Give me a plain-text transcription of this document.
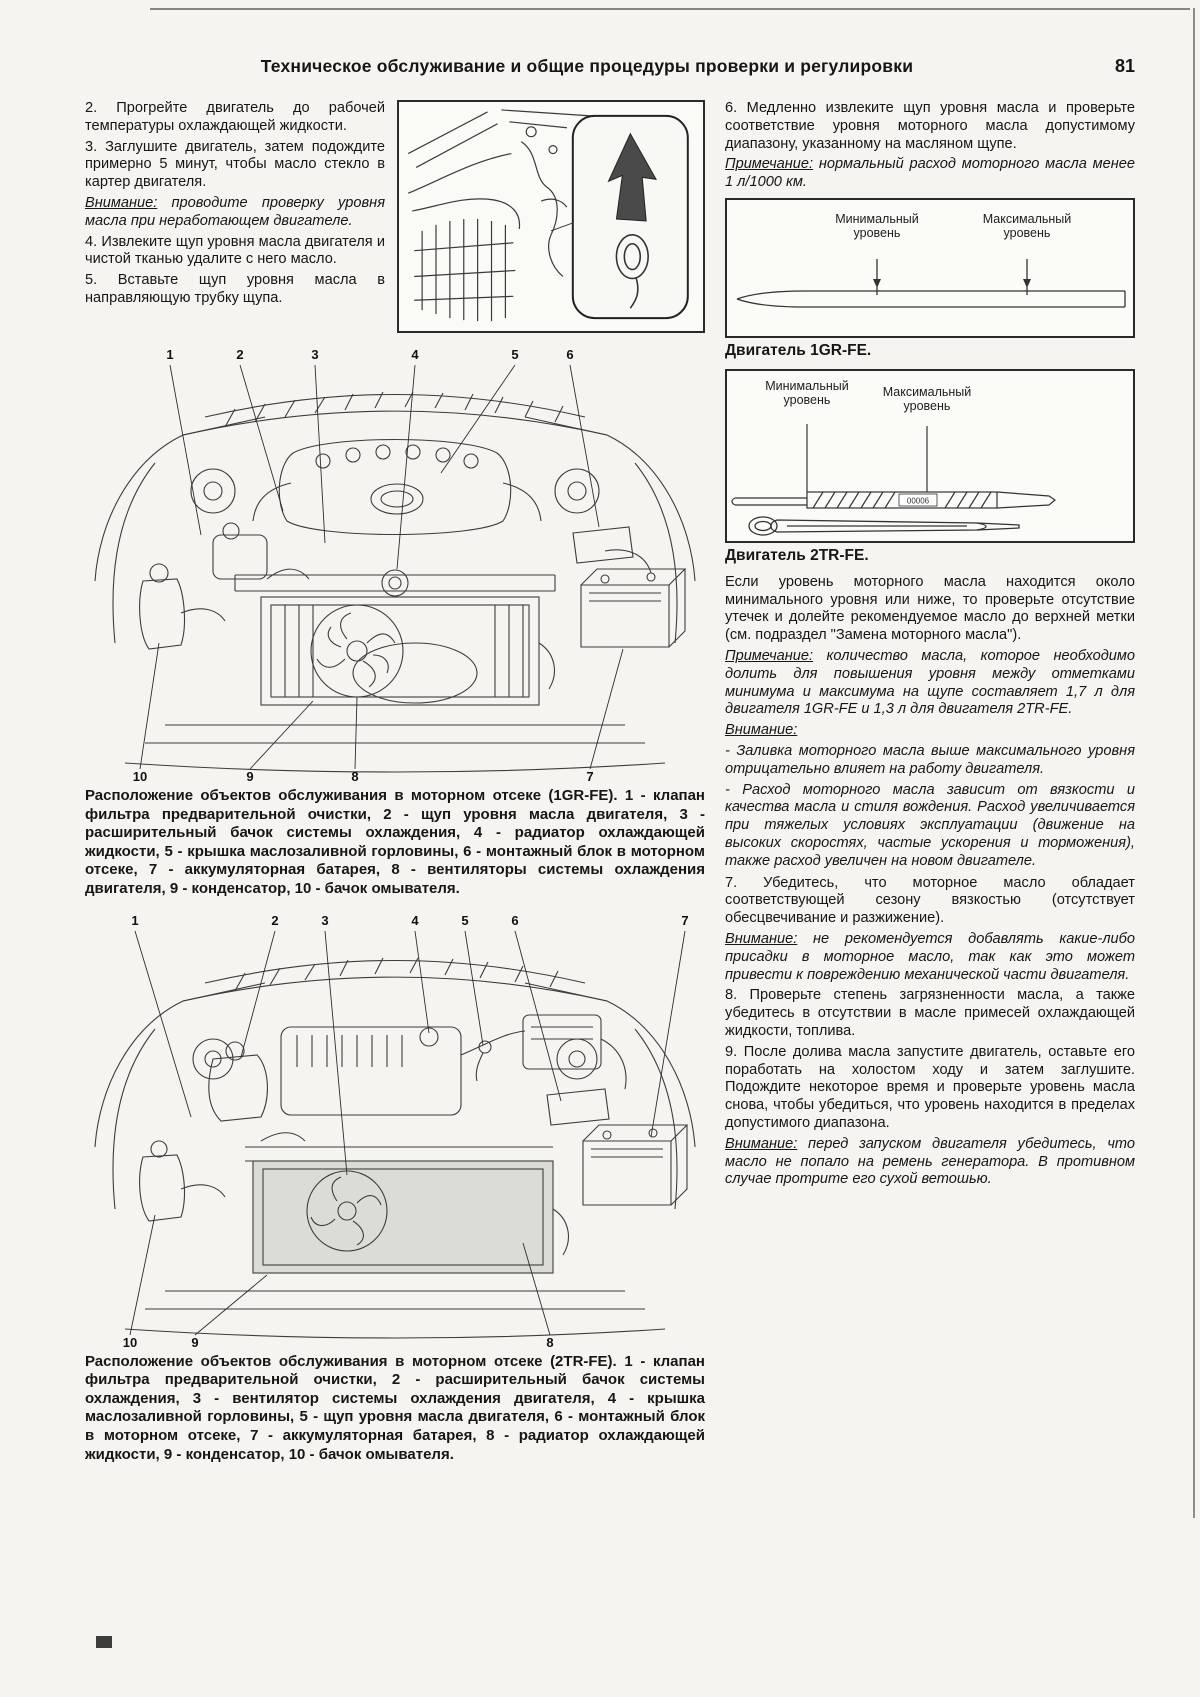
Техническое обслуживание и общие процедуры проверки и регулировки	81

2. Прогрейте двигатель до рабочей температуры охлаждающей жидкости.

3. Заглушите двигатель, затем подождите примерно 5 минут, чтобы масло стекло в картер двигателя.

Внимание: проводите проверку уровня масла при неработающем двигателе.

4. Извлеките щуп уровня масла двигателя и чистой тканью удалите с него масло.

5. Вставьте щуп уровня масла в направляющую трубку щупа.

1	2	3	4	5	6
10	9	8	7

Расположение объектов обслуживания в моторном отсеке (1GR-FE). 1 - клапан фильтра предварительной очистки, 2 - щуп уровня масла двигателя, 3 - расширительный бачок системы охлаждения, 4 - радиатор охлаждающей жидкости, 5 - крышка маслозаливной горловины, 6 - монтажный блок в моторном отсеке, 7 - аккумуляторная батарея, 8 - вентиляторы системы охлаждения двигателя, 9 - конденсатор, 10 - бачок омывателя.

1	2	3	4	5	6	7
10	9	8

Расположение объектов обслуживания в моторном отсеке (2TR-FE). 1 - клапан фильтра предварительной очистки, 2 - расширительный бачок системы охлаждения, 3 - вентилятор системы охлаждения двигателя, 4 - крышка маслозаливной горловины, 5 - щуп уровня масла двигателя, 6 - монтажный блок в моторном отсеке, 7 - аккумуляторная батарея, 8 - радиатор охлаждающей жидкости, 9 - конденсатор, 10 - бачок омывателя.

6. Медленно извлеките щуп уровня масла и проверьте соответствие уровня моторного масла допустимому диапазону, указанному на масляном щупе.

Примечание: нормальный расход моторного масла менее 1 л/1000 км.

Минимальный уровень
Максимальный уровень

Двигатель 1GR-FE.

Минимальный уровень
Максимальный уровень
00006

Двигатель 2TR-FE.

Если уровень моторного масла находится около минимального уровня или ниже, то проверьте отсутствие утечек и долейте рекомендуемое масло до верхней метки (см. подраздел "Замена моторного масла").

Примечание: количество масла, которое необходимо долить для повышения уровня между отметками минимума и максимума на щупе составляет 1,7 л для двигателя 1GR-FE и 1,3 л для двигателя 2TR-FE.

Внимание:

- Заливка моторного масла выше максимального уровня отрицательно влияет на работу двигателя.

- Расход моторного масла зависит от вязкости и качества масла и стиля вождения. Расход увеличивается при тяжелых условиях эксплуатации (движение на высоких скоростях, частые ускорения и торможения), также расход увеличен на новом двигателе.

7. Убедитесь, что моторное масло обладает соответствующей сезону вязкостью (отсутствует обесцвечивание и разжижение).

Внимание: не рекомендуется добавлять какие-либо присадки в моторное масло, так как это может привести к повреждению механической части двигателя.

8. Проверьте степень загрязненности масла, а также убедитесь в отсутствии в масле примесей охлаждающей жидкости, топлива.

9. После долива масла запустите двигатель, оставьте его поработать на холостом ходу и затем заглушите. Подождите некоторое время и проверьте уровень масла снова, чтобы убедиться, что уровень находится в пределах допустимого диапазона.

Внимание: перед запуском двигателя убедитесь, что масло не попало на ремень генератора. В противном случае протрите его сухой ветошью.
